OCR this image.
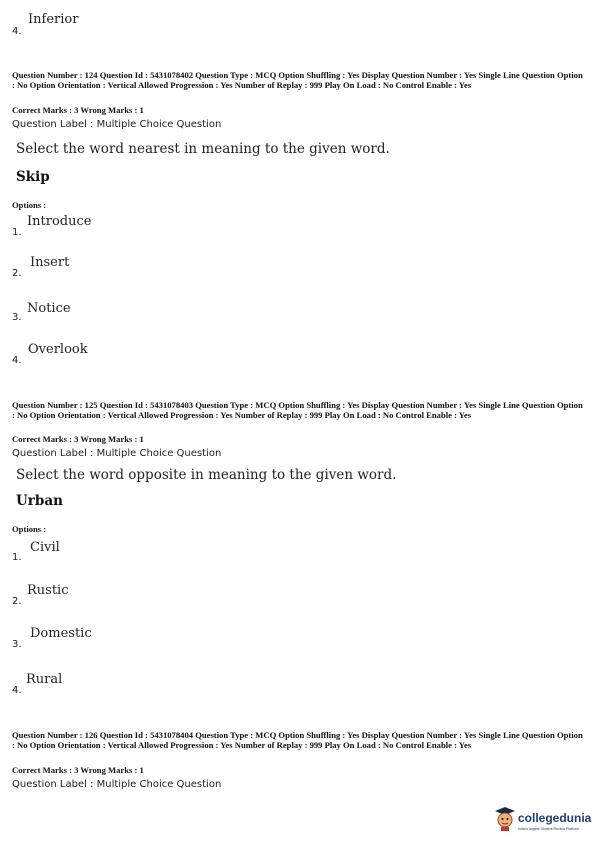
Inferior
4.
Question Number : 124 Question Id : 5431078402 Question Type : MCQ Option Shuffling : Yes Display Question Number : Yes Single Line Question Option : No Option Orientation : Vertical Allowed Progression : Yes Number of Replay : 999 Play On Load : No Control Enable : Yes
Correct Marks : 3 Wrong Marks : 1
Question Label : Multiple Choice Question
Select the word nearest in meaning to the given word.
Skip
Options :
Introduce
1.
Insert
2.
Notice
3.
Overlook
4.
Question Number : 125 Question Id : 5431078403 Question Type : MCQ Option Shuffling : Yes Display Question Number : Yes Single Line Question Option : No Option Orientation : Vertical Allowed Progression : Yes Number of Replay : 999 Play On Load : No Control Enable : Yes
Correct Marks : 3 Wrong Marks : 1
Question Label : Multiple Choice Question
Select the word opposite in meaning to the given word.
Urban
Options :
Civil
1.
Rustic
2.
Domestic
3.
Rural
4.
Question Number : 126 Question Id : 5431078404 Question Type : MCQ Option Shuffling : Yes Display Question Number : Yes Single Line Question Option : No Option Orientation : Vertical Allowed Progression : Yes Number of Replay : 999 Play On Load : No Control Enable : Yes
Correct Marks : 3 Wrong Marks : 1
Question Label : Multiple Choice Question
collegedunia
India's largest Student Review Platform
